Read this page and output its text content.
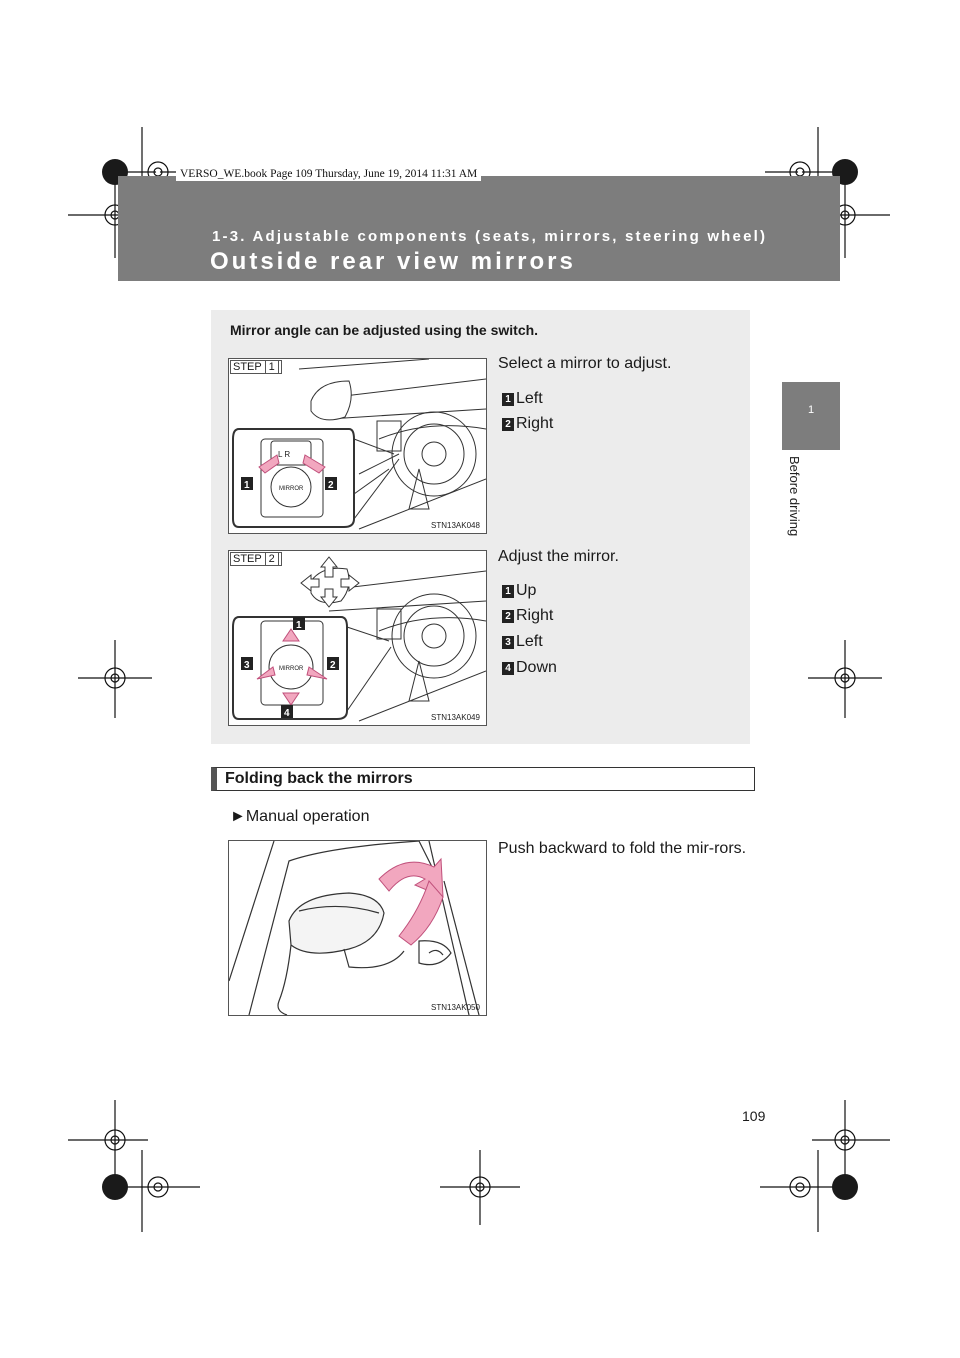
VERSO_WE.book Page 109 Thursday, June 19, 2014 11:31 AM
1-3. Adjustable components (seats, mirrors, steering wheel)
Outside rear view mirrors
1
Before driving
Mirror angle can be adjusted using the switch.
L R
MIRROR
1	2
STEP 1
STN13AK048
Select a mirror to adjust.
1 Left
2 Right
MIRROR
1
2
3
4
STEP 2
STN13AK049
Adjust the mirror.
1 Up
2 Right
3 Left
4 Down
Folding back the mirrors
►Manual operation
Push backward to fold the mir-rors.
STN13AK050
109
